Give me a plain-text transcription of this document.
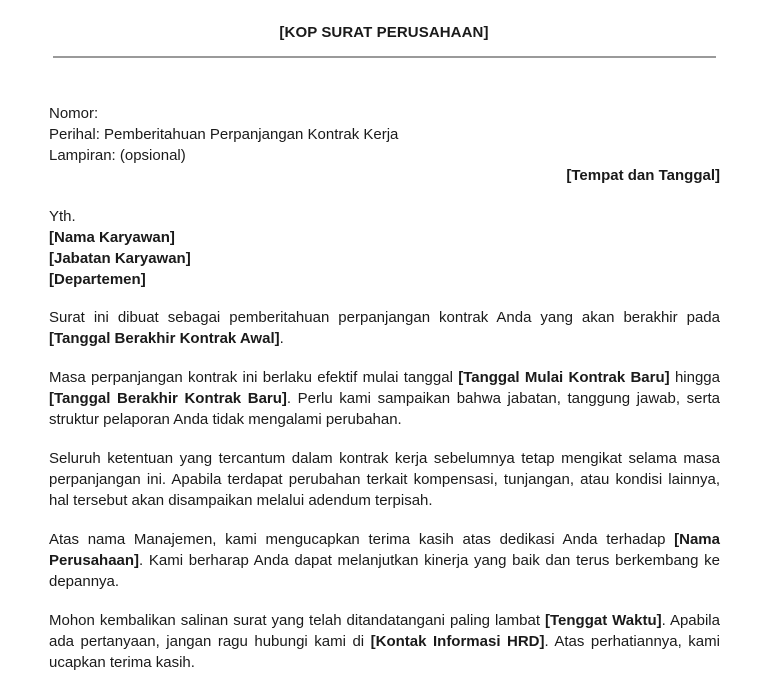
[KOP SURAT PERUSAHAAN]
Nomor:
Perihal: Pemberitahuan Perpanjangan Kontrak Kerja
Lampiran: (opsional)
[Tempat dan Tanggal]
Yth.
[Nama Karyawan]
[Jabatan Karyawan]
[Departemen]

Surat ini dibuat sebagai pemberitahuan perpanjangan kontrak Anda yang akan berakhir pada [Tanggal Berakhir Kontrak Awal].

Masa perpanjangan kontrak ini berlaku efektif mulai tanggal [Tanggal Mulai Kontrak Baru] hingga [Tanggal Berakhir Kontrak Baru]. Perlu kami sampaikan bahwa jabatan, tanggung jawab, serta struktur pelaporan Anda tidak mengalami perubahan.

Seluruh ketentuan yang tercantum dalam kontrak kerja sebelumnya tetap mengikat selama masa perpanjangan ini. Apabila terdapat perubahan terkait kompensasi, tunjangan, atau kondisi lainnya, hal tersebut akan disampaikan melalui adendum terpisah.

Atas nama Manajemen, kami mengucapkan terima kasih atas dedikasi Anda terhadap [Nama Perusahaan]. Kami berharap Anda dapat melanjutkan kinerja yang baik dan terus berkembang ke depannya.

Mohon kembalikan salinan surat yang telah ditandatangani paling lambat [Tenggat Waktu]. Apabila ada pertanyaan, jangan ragu hubungi kami di [Kontak Informasi HRD]. Atas perhatiannya, kami ucapkan terima kasih.
